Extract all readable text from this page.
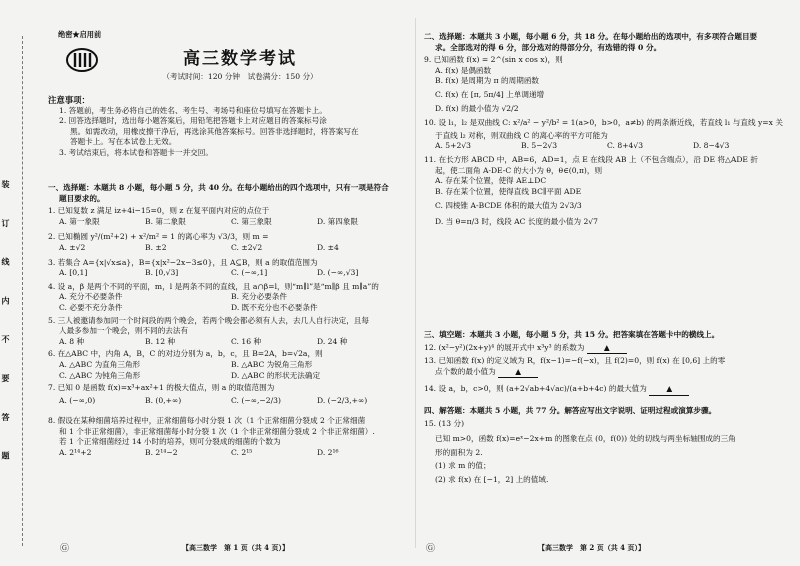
装 订 线 内 不 要 答 题
绝密★启用前
高三数学考试
（考试时间：120 分钟　试卷满分：150 分）
注意事项：
1. 答题前，考生务必将自己的姓名、考生号、考场号和座位号填写在答题卡上。
2. 回答选择题时，选出每小题答案后，用铅笔把答题卡上对应题目的答案标号涂
黑。如需改动，用橡皮擦干净后，再选涂其他答案标号。回答非选择题时，将答案写在
答题卡上。写在本试卷上无效。
3. 考试结束后，将本试卷和答题卡一并交回。
一、选择题：本题共 8 小题，每小题 5 分，共 40 分。在每小题给出的四个选项中，只有一项是符合
题目要求的。
1. 已知复数 z 满足 iz+4i−15=0，则 z 在复平面内对应的点位于
A. 第一象限	B. 第二象限	C. 第三象限	D. 第四象限
2. 已知椭圆 y²/(m²+2) + x²/m² = 1 的离心率为 √3/3，则 m =
A. ±√2	B. ±2	C. ±2√2	D. ±4
3. 若集合 A={x|√x≤a}，B={x|x²−2x−3≤0}，且 A⊆B，则 a 的取值范围为
A. [0,1]	B. [0,√3]	C. (−∞,1]	D. (−∞,√3]
4. 设 a，β 是两个不同的平面，m，l 是两条不同的直线，且 a∩β=l，则“m∥l”是“m∥β 且 m∥a”的
A. 充分不必要条件	B. 充分必要条件
C. 必要不充分条件	D. 既不充分也不必要条件
5. 三人被邀请参加同一个时间段的两个晚会，若两个晚会都必须有人去，去几人自行决定，且每
人最多参加一个晚会，则不同的去法有
A. 8 种	B. 12 种	C. 16 种	D. 24 种
6. 在△ABC 中，内角 A，B，C 的对边分别为 a，b，c，且 B=2A，b=√2a，则
A. △ABC 为直角三角形	B. △ABC 为锐角三角形
C. △ABC 为钝角三角形	D. △ABC 的形状无法确定
7. 已知 0 是函数 f(x)=x³+ax²+1 的极大值点，则 a 的取值范围为
A. (−∞,0)	B. (0,+∞)	C. (−∞,−2/3)	D. (−2/3,+∞)
8. 假设在某种细菌培养过程中，正常细菌每小时分裂 1 次（1 个正常细菌分裂成 2 个正常细菌
和 1 个非正常细菌），非正常细菌每小时分裂 1 次（1 个非正常细菌分裂成 2 个非正常细菌）.
若 1 个正常细菌经过 14 小时的培养，则可分裂成的细菌的个数为
A. 2¹⁴+2	B. 2¹⁴−2	C. 2¹⁵	D. 2¹⁶
Ⓖ	【高三数学　第 1 页（共 4 页）】
二、选择题：本题共 3 小题，每小题 6 分，共 18 分。在每小题给出的选项中，有多项符合题目要
求。全部选对的得 6 分，部分选对的得部分分，有选错的得 0 分。
9. 已知函数 f(x) = 2^(sin x cos x)，则
A. f(x) 是偶函数
B. f(x) 是周期为 π 的周期函数
C. f(x) 在 [π, 5π/4] 上单调递增
D. f(x) 的最小值为 √2/2
10. 设 l₁，l₂ 是双曲线 C: x²/a² − y²/b² = 1(a>0，b>0，a≠b) 的两条渐近线，若直线 l₁ 与直线 y=x 关
于直线 l₂ 对称，则双曲线 C 的离心率的平方可能为
A. 5+2√3	B. 5−2√3	C. 8+4√3	D. 8−4√3
11. 在长方形 ABCD 中，AB=6，AD=1，点 E 在线段 AB 上（不包含端点），沿 DE 将△ADE 折
起，使二面角 A-DE-C 的大小为 θ，θ∈(0,π)，则
A. 存在某个位置，使得 AE⊥DC
B. 存在某个位置，使得直线 BC∥平面 ADE
C. 四棱锥 A-BCDE 体积的最大值为 2√3/3
D. 当 θ=π/3 时，线段 AC 长度的最小值为 2√7
三、填空题：本题共 3 小题，每小题 5 分，共 15 分。把答案填在答题卡中的横线上。
12. (x²−y²)(2x+y)⁴ 的展开式中 x³y³ 的系数为	▲
13. 已知函数 f(x) 的定义域为 R，f(x−1)=−f(−x)，且 f(2)=0，则 f(x) 在 [0,6] 上的零
点个数的最小值为	▲
14. 设 a，b，c>0，则 (a+2√ab+4√ac)/(a+b+4c) 的最大值为	▲
四、解答题：本题共 5 小题，共 77 分。解答应写出文字说明、证明过程或演算步骤。
15. (13 分)
已知 m>0，函数 f(x)=eˣ−2x+m 的图象在点 (0，f(0)) 处的切线与两坐标轴围成的三角
形的面积为 2.
(1) 求 m 的值；
(2) 求 f(x) 在 [−1，2] 上的值域.
Ⓖ	【高三数学　第 2 页（共 4 页）】
